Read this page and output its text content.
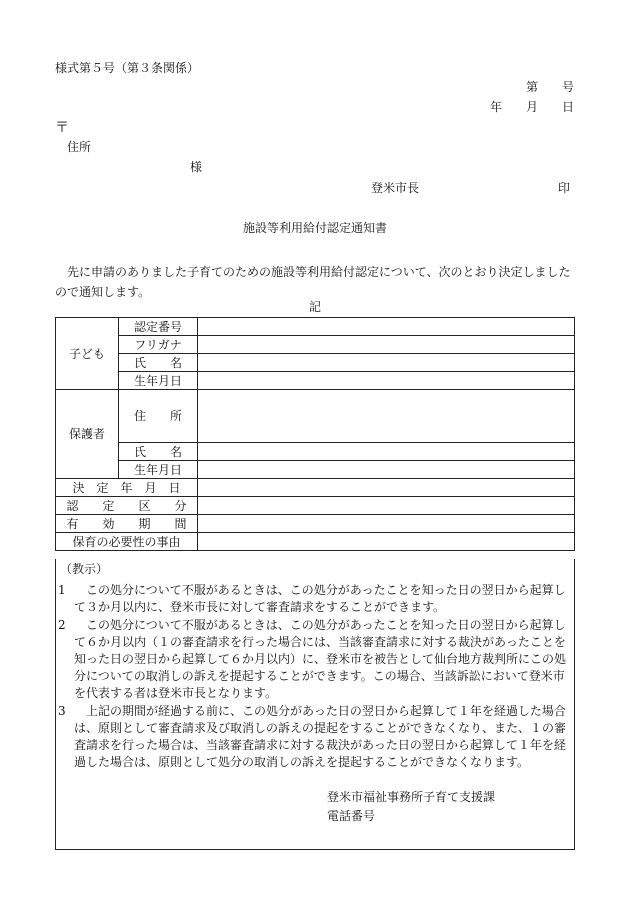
様式第５号（第３条関係）
第　　号
年　　月　　日
〒
住所
様
登米市長	印
施設等利用給付認定通知書
　先に申請のありました子育てのための施設等利用給付認定について、次のとおり決定しましたので通知します。
記
子ども	認定番号	
	フリガナ	
	氏　　名	
	生年月日	
保護者	住　　所	
	氏　　名	
	生年月日	
決　定　年　月　日		
認　　定　　区　　分		
有　　効　　期　　間		
保育の必要性の事由		
（教示）
1 　この処分について不服があるときは、この処分があったことを知った日の翌日から起算して３か月以内に、登米市長に対して審査請求をすることができます。
2 　この処分について不服があるときは、この処分があったことを知った日の翌日から起算して６か月以内（１の審査請求を行った場合には、当該審査請求に対する裁決があったことを知った日の翌日から起算して６か月以内）に、登米市を被告として仙台地方裁判所にこの処分についての取消しの訴えを提起することができます。この場合、当該訴訟において登米市を代表する者は登米市長となります。
3 　上記の期間が経過する前に、この処分があった日の翌日から起算して１年を経過した場合は、原則として審査請求及び取消しの訴えの提起をすることができなくなり、また、１の審査請求を行った場合は、当該審査請求に対する裁決があった日の翌日から起算して１年を経過した場合は、原則として処分の取消しの訴えを提起することができなくなります。
登米市福祉事務所子育て支援課
電話番号
